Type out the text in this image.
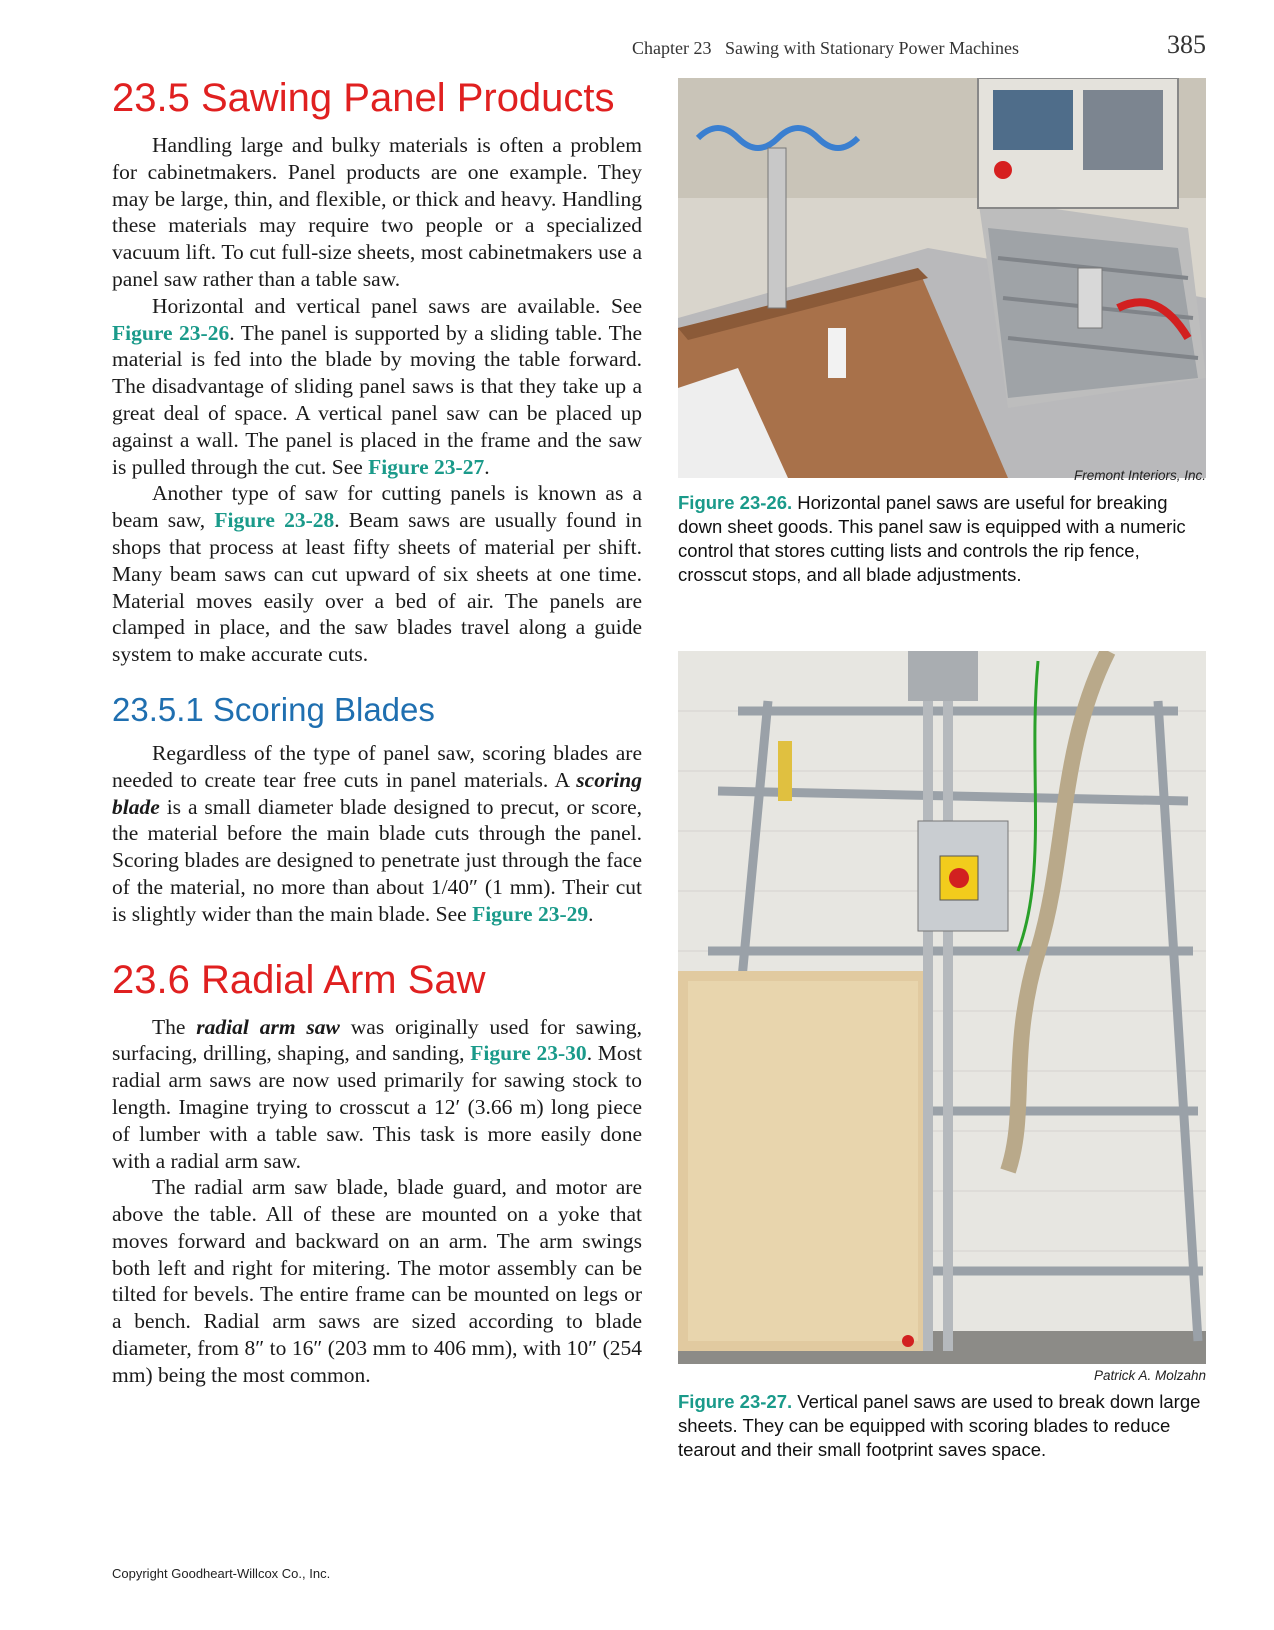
Chapter 23 Sawing with Stationary Power Machines	385
23.5 Sawing Panel Products

Handling large and bulky materials is often a problem for cabinetmakers. Panel products are one example. They may be large, thin, and flexible, or thick and heavy. Handling these materials may require two people or a specialized vacuum lift. To cut full-size sheets, most cabinetmakers use a panel saw rather than a table saw.

Horizontal and vertical panel saws are available. See Figure 23-26. The panel is supported by a sliding table. The material is fed into the blade by moving the table forward. The disadvantage of sliding panel saws is that they take up a great deal of space. A vertical panel saw can be placed up against a wall. The panel is placed in the frame and the saw is pulled through the cut. See Figure 23-27.

Another type of saw for cutting panels is known as a beam saw, Figure 23-28. Beam saws are usually found in shops that process at least fifty sheets of material per shift. Many beam saws can cut upward of six sheets at one time. Material moves easily over a bed of air. The panels are clamped in place, and the saw blades travel along a guide system to make accurate cuts.

23.5.1 Scoring Blades

Regardless of the type of panel saw, scoring blades are needed to create tear free cuts in panel materials. A scoring blade is a small diameter blade designed to precut, or score, the material before the main blade cuts through the panel. Scoring blades are designed to penetrate just through the face of the material, no more than about 1/40″ (1 mm). Their cut is slightly wider than the main blade. See Figure 23-29.

23.6 Radial Arm Saw

The radial arm saw was originally used for sawing, surfacing, drilling, shaping, and sanding, Figure 23-30. Most radial arm saws are now used primarily for sawing stock to length. Imagine trying to crosscut a 12′ (3.66 m) long piece of lumber with a table saw. This task is more easily done with a radial arm saw.

The radial arm saw blade, blade guard, and motor are above the table. All of these are mounted on a yoke that moves forward and backward on an arm. The arm swings both left and right for mitering. The motor assembly can be tilted for bevels. The entire frame can be mounted on legs or a bench. Radial arm saws are sized according to blade diameter, from 8″ to 16″ (203 mm to 406 mm), with 10″ (254 mm) being the most common.

Fremont Interiors, Inc.
Figure 23-26. Horizontal panel saws are useful for breaking down sheet goods. This panel saw is equipped with a numeric control that stores cutting lists and controls the rip fence, crosscut stops, and all blade adjustments.
Patrick A. Molzahn
Figure 23-27. Vertical panel saws are used to break down large sheets. They can be equipped with scoring blades to reduce tearout and their small footprint saves space.
Copyright Goodheart-Willcox Co., Inc.
